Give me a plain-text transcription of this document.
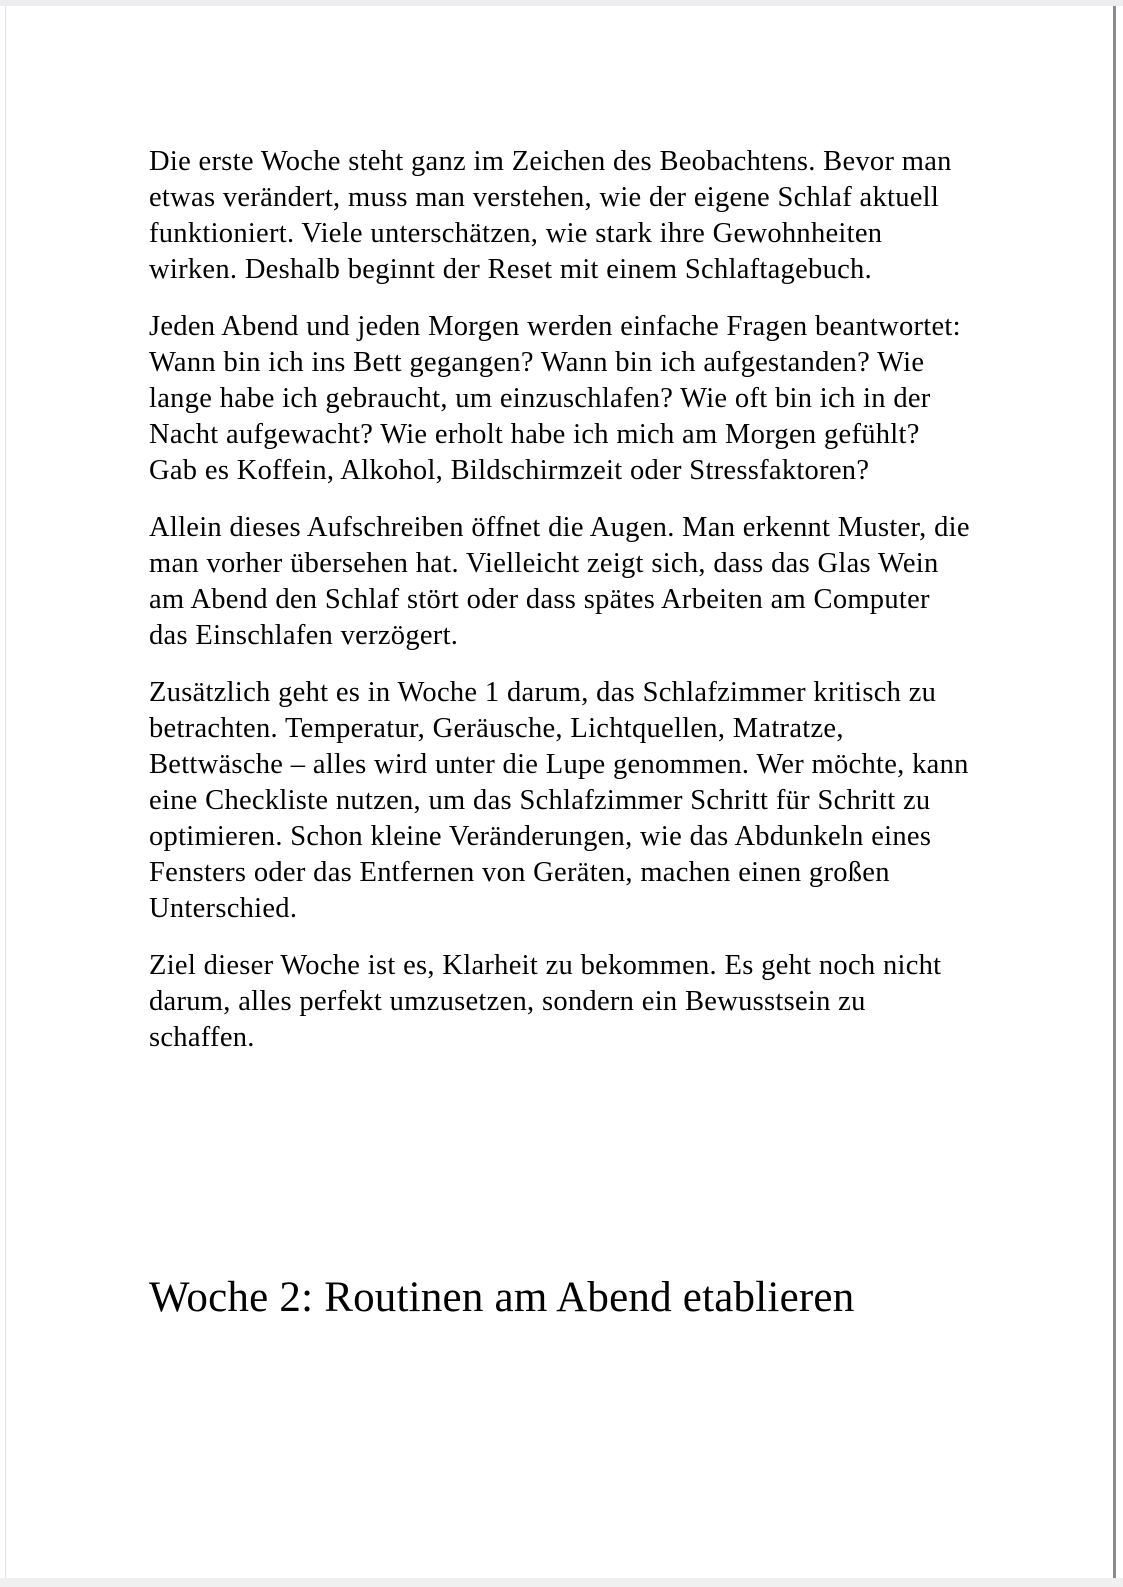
Die erste Woche steht ganz im Zeichen des Beobachtens. Bevor man etwas verändert, muss man verstehen, wie der eigene Schlaf aktuell funktioniert. Viele unterschätzen, wie stark ihre Gewohnheiten wirken. Deshalb beginnt der Reset mit einem Schlaftagebuch.

Jeden Abend und jeden Morgen werden einfache Fragen beantwortet: Wann bin ich ins Bett gegangen? Wann bin ich aufgestanden? Wie lange habe ich gebraucht, um einzuschlafen? Wie oft bin ich in der Nacht aufgewacht? Wie erholt habe ich mich am Morgen gefühlt? Gab es Koffein, Alkohol, Bildschirmzeit oder Stressfaktoren?

Allein dieses Aufschreiben öffnet die Augen. Man erkennt Muster, die man vorher übersehen hat. Vielleicht zeigt sich, dass das Glas Wein am Abend den Schlaf stört oder dass spätes Arbeiten am Computer das Einschlafen verzögert.

Zusätzlich geht es in Woche 1 darum, das Schlafzimmer kritisch zu betrachten. Temperatur, Geräusche, Lichtquellen, Matratze, Bettwäsche – alles wird unter die Lupe genommen. Wer möchte, kann eine Checkliste nutzen, um das Schlafzimmer Schritt für Schritt zu optimieren. Schon kleine Veränderungen, wie das Abdunkeln eines Fensters oder das Entfernen von Geräten, machen einen großen Unterschied.

Ziel dieser Woche ist es, Klarheit zu bekommen. Es geht noch nicht darum, alles perfekt umzusetzen, sondern ein Bewusstsein zu schaffen.

Woche 2: Routinen am Abend etablieren
